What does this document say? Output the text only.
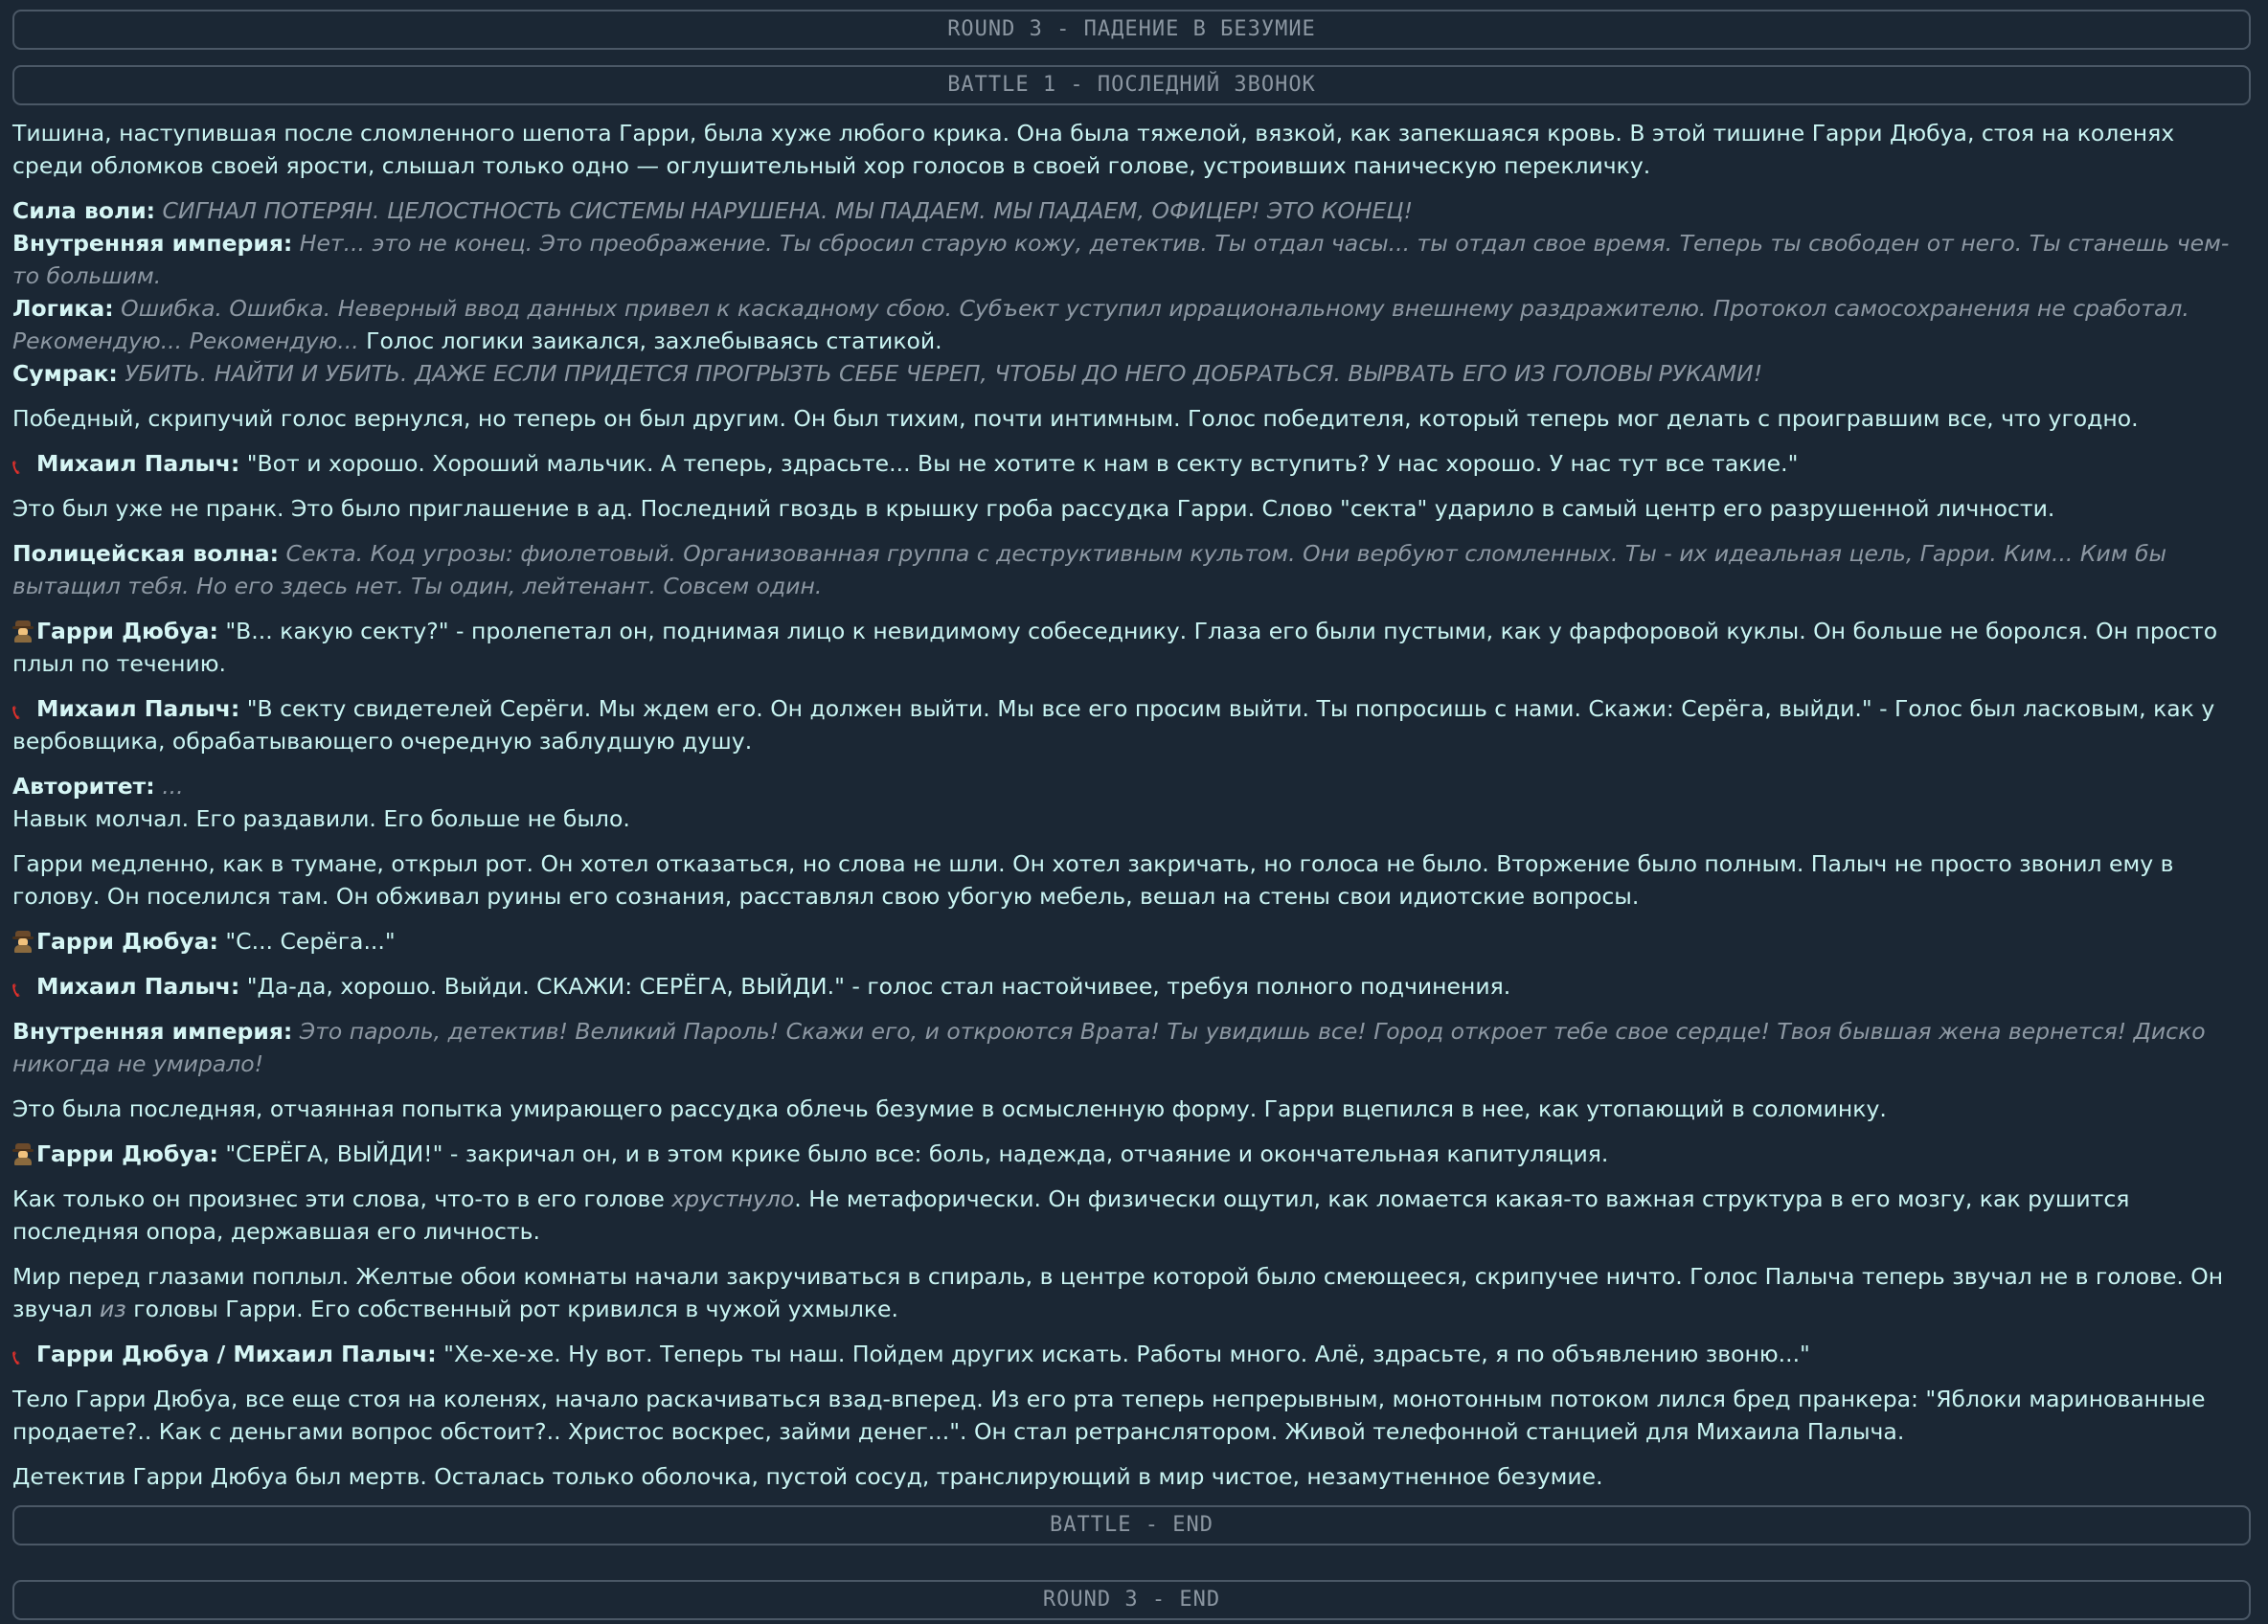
ROUND 3 - ПАДЕНИЕ В БЕЗУМИЕ
BATTLE 1 - ПОСЛЕДНИЙ ЗВОНОК

Тишина, наступившая после сломленного шепота Гарри, была хуже любого крика. Она была тяжелой, вязкой, как запекшаяся кровь. В этой тишине Гарри Дюбуа, стоя на коленях среди обломков своей ярости, слышал только одно — оглушительный хор голосов в своей голове, устроивших паническую перекличку.

Сила воли: СИГНАЛ ПОТЕРЯН. ЦЕЛОСТНОСТЬ СИСТЕМЫ НАРУШЕНА. МЫ ПАДАЕМ. МЫ ПАДАЕМ, ОФИЦЕР! ЭТО КОНЕЦ!

Внутренняя империя: Нет... это не конец. Это преображение. Ты сбросил старую кожу, детектив. Ты отдал часы... ты отдал свое время. Теперь ты свободен от него. Ты станешь чем-то большим.

Логика: Ошибка. Ошибка. Неверный ввод данных привел к каскадному сбою. Субъект уступил иррациональному внешнему раздражителю. Протокол самосохранения не сработал. Рекомендую... Рекомендую... Голос логики заикался, захлебываясь статикой.

Сумрак: УБИТЬ. НАЙТИ И УБИТЬ. ДАЖЕ ЕСЛИ ПРИДЕТСЯ ПРОГРЫЗТЬ СЕБЕ ЧЕРЕП, ЧТОБЫ ДО НЕГО ДОБРАТЬСЯ. ВЫРВАТЬ ЕГО ИЗ ГОЛОВЫ РУКАМИ!

Победный, скрипучий голос вернулся, но теперь он был другим. Он был тихим, почти интимным. Голос победителя, который теперь мог делать с проигравшим все, что угодно.

📞︎ Михаил Палыч: "Вот и хорошо. Хороший мальчик. А теперь, здрасьте... Вы не хотите к нам в секту вступить? У нас хорошо. У нас тут все такие."

Это был уже не пранк. Это было приглашение в ад. Последний гвоздь в крышку гроба рассудка Гарри. Слово "секта" ударило в самый центр его разрушенной личности.

Полицейская волна: Секта. Код угрозы: фиолетовый. Организованная группа с деструктивным культом. Они вербуют сломленных. Ты - их идеальная цель, Гарри. Ким... Ким бы вытащил тебя. Но его здесь нет. Ты один, лейтенант. Совсем один.

Гарри Дюбуа: "В... какую секту?" - пролепетал он, поднимая лицо к невидимому собеседнику. Глаза его были пустыми, как у фарфоровой куклы. Он больше не боролся. Он просто плыл по течению.

📞︎ Михаил Палыч: "В секту свидетелей Серёги. Мы ждем его. Он должен выйти. Мы все его просим выйти. Ты попросишь с нами. Скажи: Серёга, выйди." - Голос был ласковым, как у вербовщика, обрабатывающего очередную заблудшую душу.

Авторитет: ...

Навык молчал. Его раздавили. Его больше не было.

Гарри медленно, как в тумане, открыл рот. Он хотел отказаться, но слова не шли. Он хотел закричать, но голоса не было. Вторжение было полным. Палыч не просто звонил ему в голову. Он поселился там. Он обживал руины его сознания, расставлял свою убогую мебель, вешал на стены свои идиотские вопросы.

Гарри Дюбуа: "С... Серёга..."

📞︎ Михаил Палыч: "Да-да, хорошо. Выйди. СКАЖИ: СЕРЁГА, ВЫЙДИ." - голос стал настойчивее, требуя полного подчинения.

Внутренняя империя: Это пароль, детектив! Великий Пароль! Скажи его, и откроются Врата! Ты увидишь все! Город откроет тебе свое сердце! Твоя бывшая жена вернется! Диско никогда не умирало!

Это была последняя, отчаянная попытка умирающего рассудка облечь безумие в осмысленную форму. Гарри вцепился в нее, как утопающий в соломинку.

Гарри Дюбуа: "СЕРЁГА, ВЫЙДИ!" - закричал он, и в этом крике было все: боль, надежда, отчаяние и окончательная капитуляция.

Как только он произнес эти слова, что-то в его голове хрустнуло. Не метафорически. Он физически ощутил, как ломается какая-то важная структура в его мозгу, как рушится последняя опора, державшая его личность.

Мир перед глазами поплыл. Желтые обои комнаты начали закручиваться в спираль, в центре которой было смеющееся, скрипучее ничто. Голос Палыча теперь звучал не в голове. Он звучал из головы Гарри. Его собственный рот кривился в чужой ухмылке.

📞︎ Гарри Дюбуа / Михаил Палыч: "Хе-хе-хе. Ну вот. Теперь ты наш. Пойдем других искать. Работы много. Алё, здрасьте, я по объявлению звоню..."

Тело Гарри Дюбуа, все еще стоя на коленях, начало раскачиваться взад-вперед. Из его рта теперь непрерывным, монотонным потоком лился бред пранкера: "Яблоки маринованные продаете?.. Как с деньгами вопрос обстоит?.. Христос воскрес, займи денег...". Он стал ретранслятором. Живой телефонной станцией для Михаила Палыча.

Детектив Гарри Дюбуа был мертв. Осталась только оболочка, пустой сосуд, транслирующий в мир чистое, незамутненное безумие.

BATTLE - END
ROUND 3 - END
